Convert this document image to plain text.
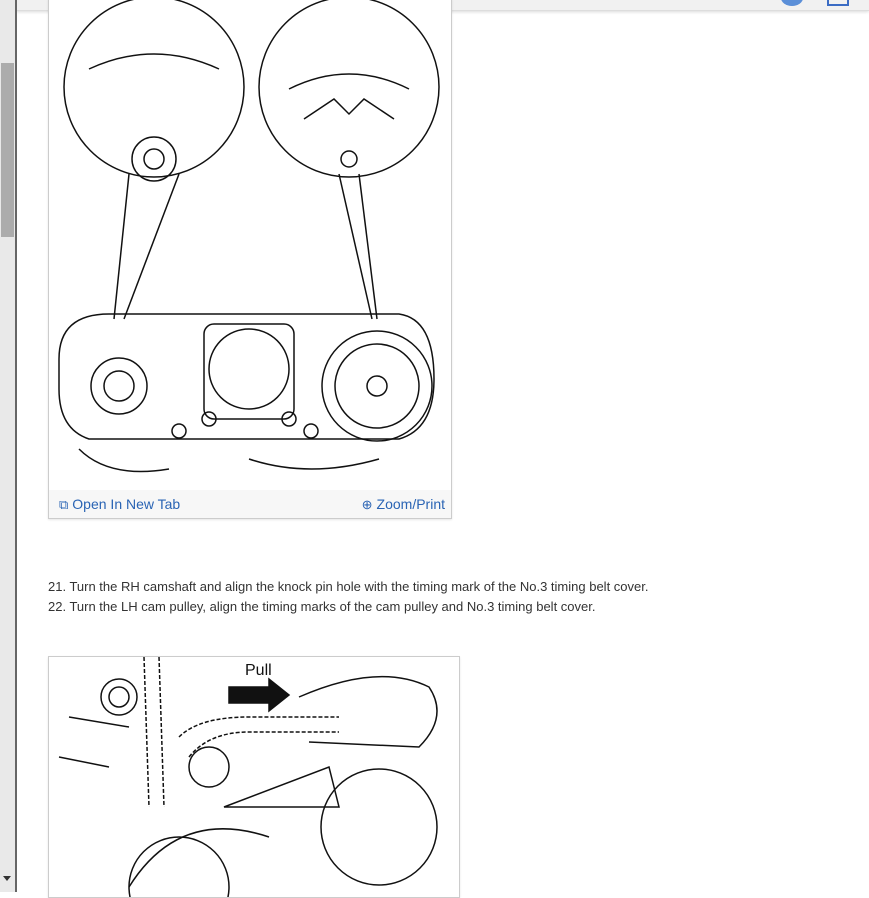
⧉ Open In New Tab	⊕ Zoom/Print
21. Turn the RH camshaft and align the knock pin hole with the timing mark of the No.3 timing belt cover.
22. Turn the LH cam pulley, align the timing marks of the cam pulley and No.3 timing belt cover.
Pull
